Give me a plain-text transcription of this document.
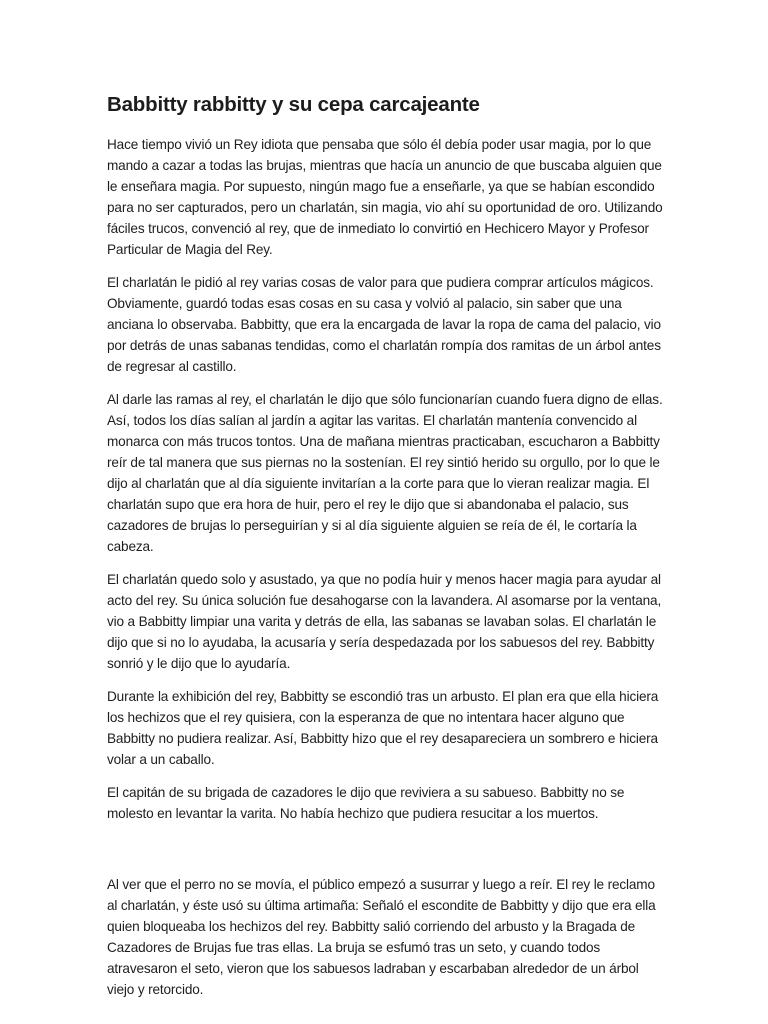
Babbitty rabbitty y su cepa carcajeante

Hace tiempo vivió un Rey idiota que pensaba que sólo él debía poder usar magia, por lo que mando a cazar a todas las brujas, mientras que hacía un anuncio de que buscaba alguien que le enseñara magia. Por supuesto, ningún mago fue a enseñarle, ya que se habían escondido para no ser capturados, pero un charlatán, sin magia, vio ahí su oportunidad de oro. Utilizando fáciles trucos, convenció al rey, que de inmediato lo convirtió en Hechicero Mayor y Profesor Particular de Magia del Rey.

El charlatán le pidió al rey varias cosas de valor para que pudiera comprar artículos mágicos. Obviamente, guardó todas esas cosas en su casa y volvió al palacio, sin saber que una anciana lo observaba. Babbitty, que era la encargada de lavar la ropa de cama del palacio, vio por detrás de unas sabanas tendidas, como el charlatán rompía dos ramitas de un árbol antes de regresar al castillo.

Al darle las ramas al rey, el charlatán le dijo que sólo funcionarían cuando fuera digno de ellas. Así, todos los días salían al jardín a agitar las varitas. El charlatán mantenía convencido al monarca con más trucos tontos. Una de mañana mientras practicaban, escucharon a Babbitty reír de tal manera que sus piernas no la sostenían. El rey sintió herido su orgullo, por lo que le dijo al charlatán que al día siguiente invitarían a la corte para que lo vieran realizar magia. El charlatán supo que era hora de huir, pero el rey le dijo que si abandonaba el palacio, sus cazadores de brujas lo perseguirían y si al día siguiente alguien se reía de él, le cortaría la cabeza.

El charlatán quedo solo y asustado, ya que no podía huir y menos hacer magia para ayudar al acto del rey. Su única solución fue desahogarse con la lavandera. Al asomarse por la ventana, vio a Babbitty limpiar una varita y detrás de ella, las sabanas se lavaban solas. El charlatán le dijo que si no lo ayudaba, la acusaría y sería despedazada por los sabuesos del rey. Babbitty sonrió y le dijo que lo ayudaría.

Durante la exhibición del rey, Babbitty se escondió tras un arbusto. El plan era que ella hiciera los hechizos que el rey quisiera, con la esperanza de que no intentara hacer alguno que Babbitty no pudiera realizar. Así, Babbitty hizo que el rey desapareciera un sombrero e hiciera volar a un caballo.

El capitán de su brigada de cazadores le dijo que reviviera a su sabueso. Babbitty no se molesto en levantar la varita. No había hechizo que pudiera resucitar a los muertos.

Al ver que el perro no se movía, el público empezó a susurrar y luego a reír. El rey le reclamo al charlatán, y éste usó su última artimaña: Señaló el escondite de Babbitty y dijo que era ella quien bloqueaba los hechizos del rey. Babbitty salió corriendo del arbusto y la Bragada de Cazadores de Brujas fue tras ellas. La bruja se esfumó tras un seto, y cuando todos atravesaron el seto, vieron que los sabuesos ladraban y escarbaban alrededor de un árbol viejo y retorcido.
